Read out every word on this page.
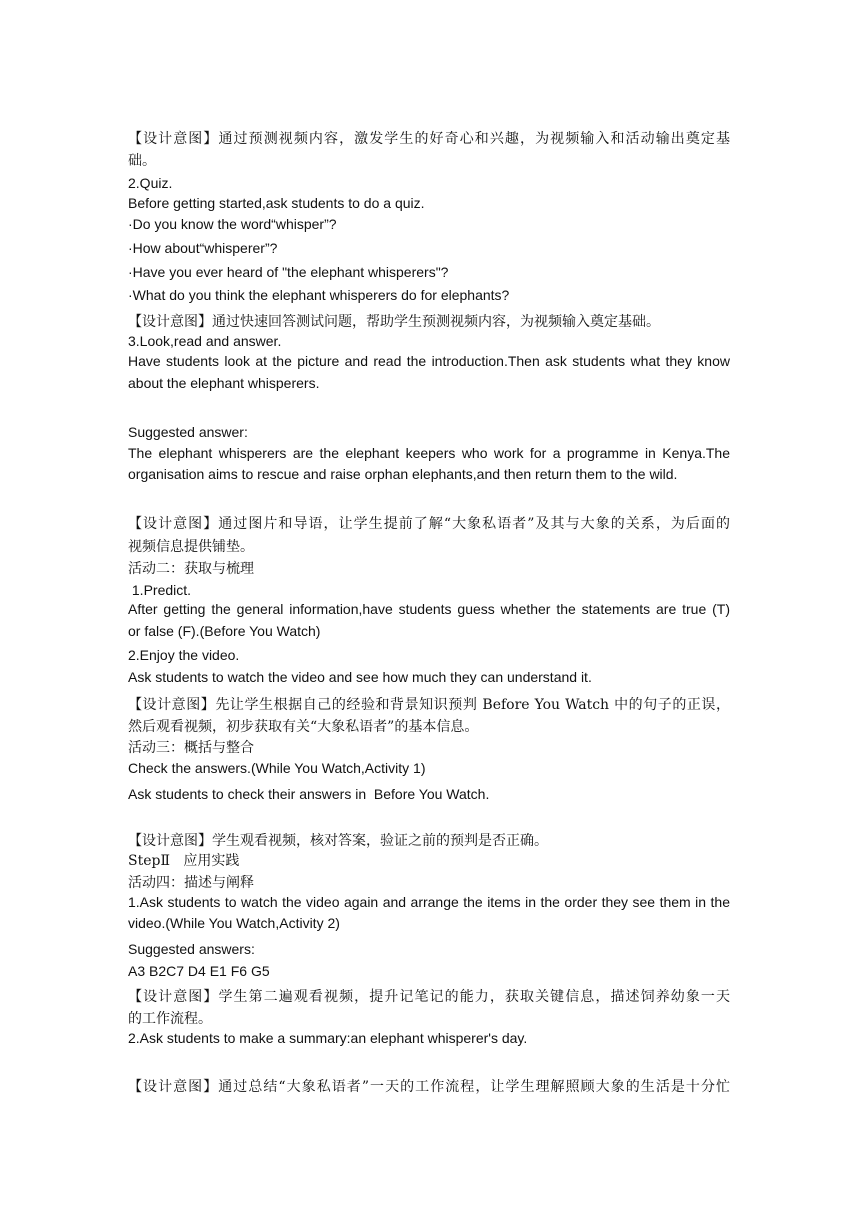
【设计意图】通过预测视频内容，激发学生的好奇心和兴趣，为视频输入和活动输出奠定基
础。
2.Quiz.
Before getting started,ask students to do a quiz.
·Do you know the word“whisper”?
·How about“whisperer”?
·Have you ever heard of "the elephant whisperers"?
·What do you think the elephant whisperers do for elephants?
【设计意图】通过快速回答测试问题，帮助学生预测视频内容，为视频输入奠定基础。
3.Look,read and answer.
Have students look at the picture and read the introduction.Then ask students what they know
about the elephant whisperers.
Suggested answer:
The elephant whisperers are the elephant keepers who work for a programme in Kenya.The
organisation aims to rescue and raise orphan elephants,and then return them to the wild.
【设计意图】通过图片和导语，让学生提前了解“大象私语者”及其与大象的关系，为后面的
视频信息提供铺垫。
活动二：获取与梳理
1.Predict.
After getting the general information,have students guess whether the statements are true (T)
or false (F).(Before You Watch)
2.Enjoy the video.
Ask students to watch the video and see how much they can understand it.
【设计意图】先让学生根据自己的经验和背景知识预判 Before You Watch 中的句子的正误，
然后观看视频，初步获取有关“大象私语者”的基本信息。
活动三：概括与整合
Check the answers.(While You Watch,Activity 1)
Ask students to check their answers in  Before You Watch.
【设计意图】学生观看视频，核对答案，验证之前的预判是否正确。
StepⅡ   应用实践
活动四：描述与阐释
1.Ask students to watch the video again and arrange the items in the order they see them in the
video.(While You Watch,Activity 2)
Suggested answers:
A3 B2C7 D4 E1 F6 G5
【设计意图】学生第二遍观看视频，提升记笔记的能力，获取关键信息，描述饲养幼象一天
的工作流程。
2.Ask students to make a summary:an elephant whisperer's day.
【设计意图】通过总结“大象私语者”一天的工作流程，让学生理解照顾大象的生活是十分忙
